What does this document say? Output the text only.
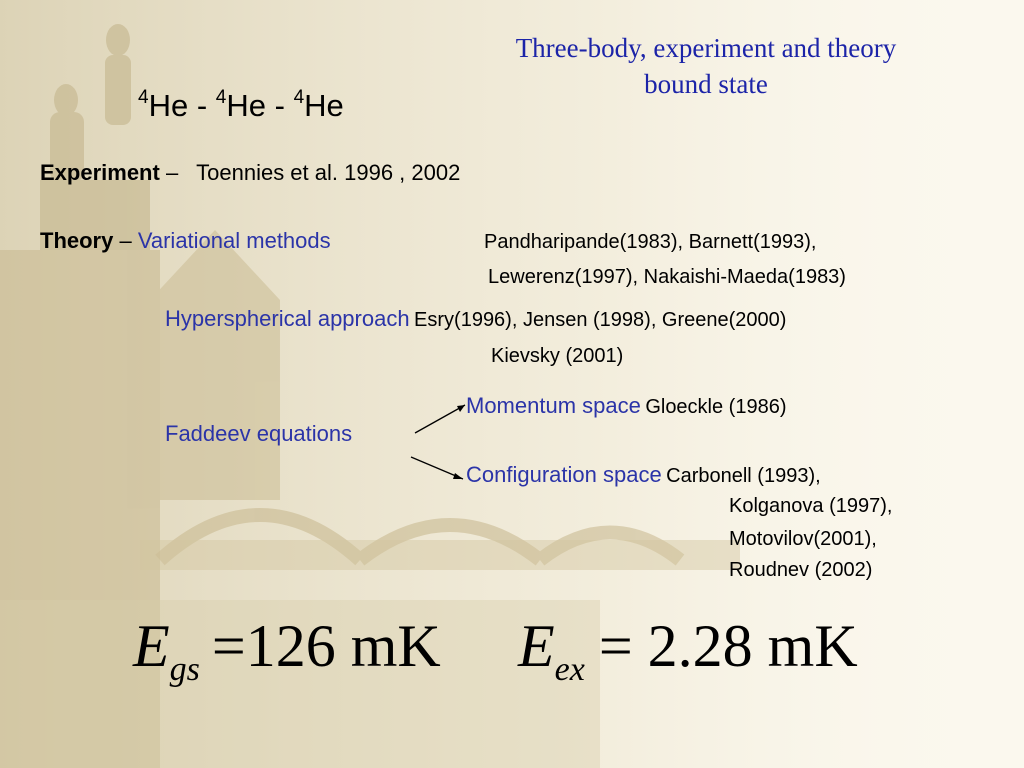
Three-body, experiment and theory
bound state
$^4$He - $^4$He - $^4$He
Experiment –   Toennies et al. 1996 , 2002
Theory – Variational methods	Pandharipande(1983), Barnett(1993),
Lewerenz(1997), Nakaishi-Maeda(1983)
Hyperspherical approach Esry(1996), Jensen (1998), Greene(2000)
Kievsky (2001)
Faddeev equations
Momentum space Gloeckle (1986)
Configuration space Carbonell (1993),
Kolganova (1997),
Motovilov(2001),
Roudnev (2002)
$E_{gs} =126$ mK $E_{ex} = 2.28$ mK
